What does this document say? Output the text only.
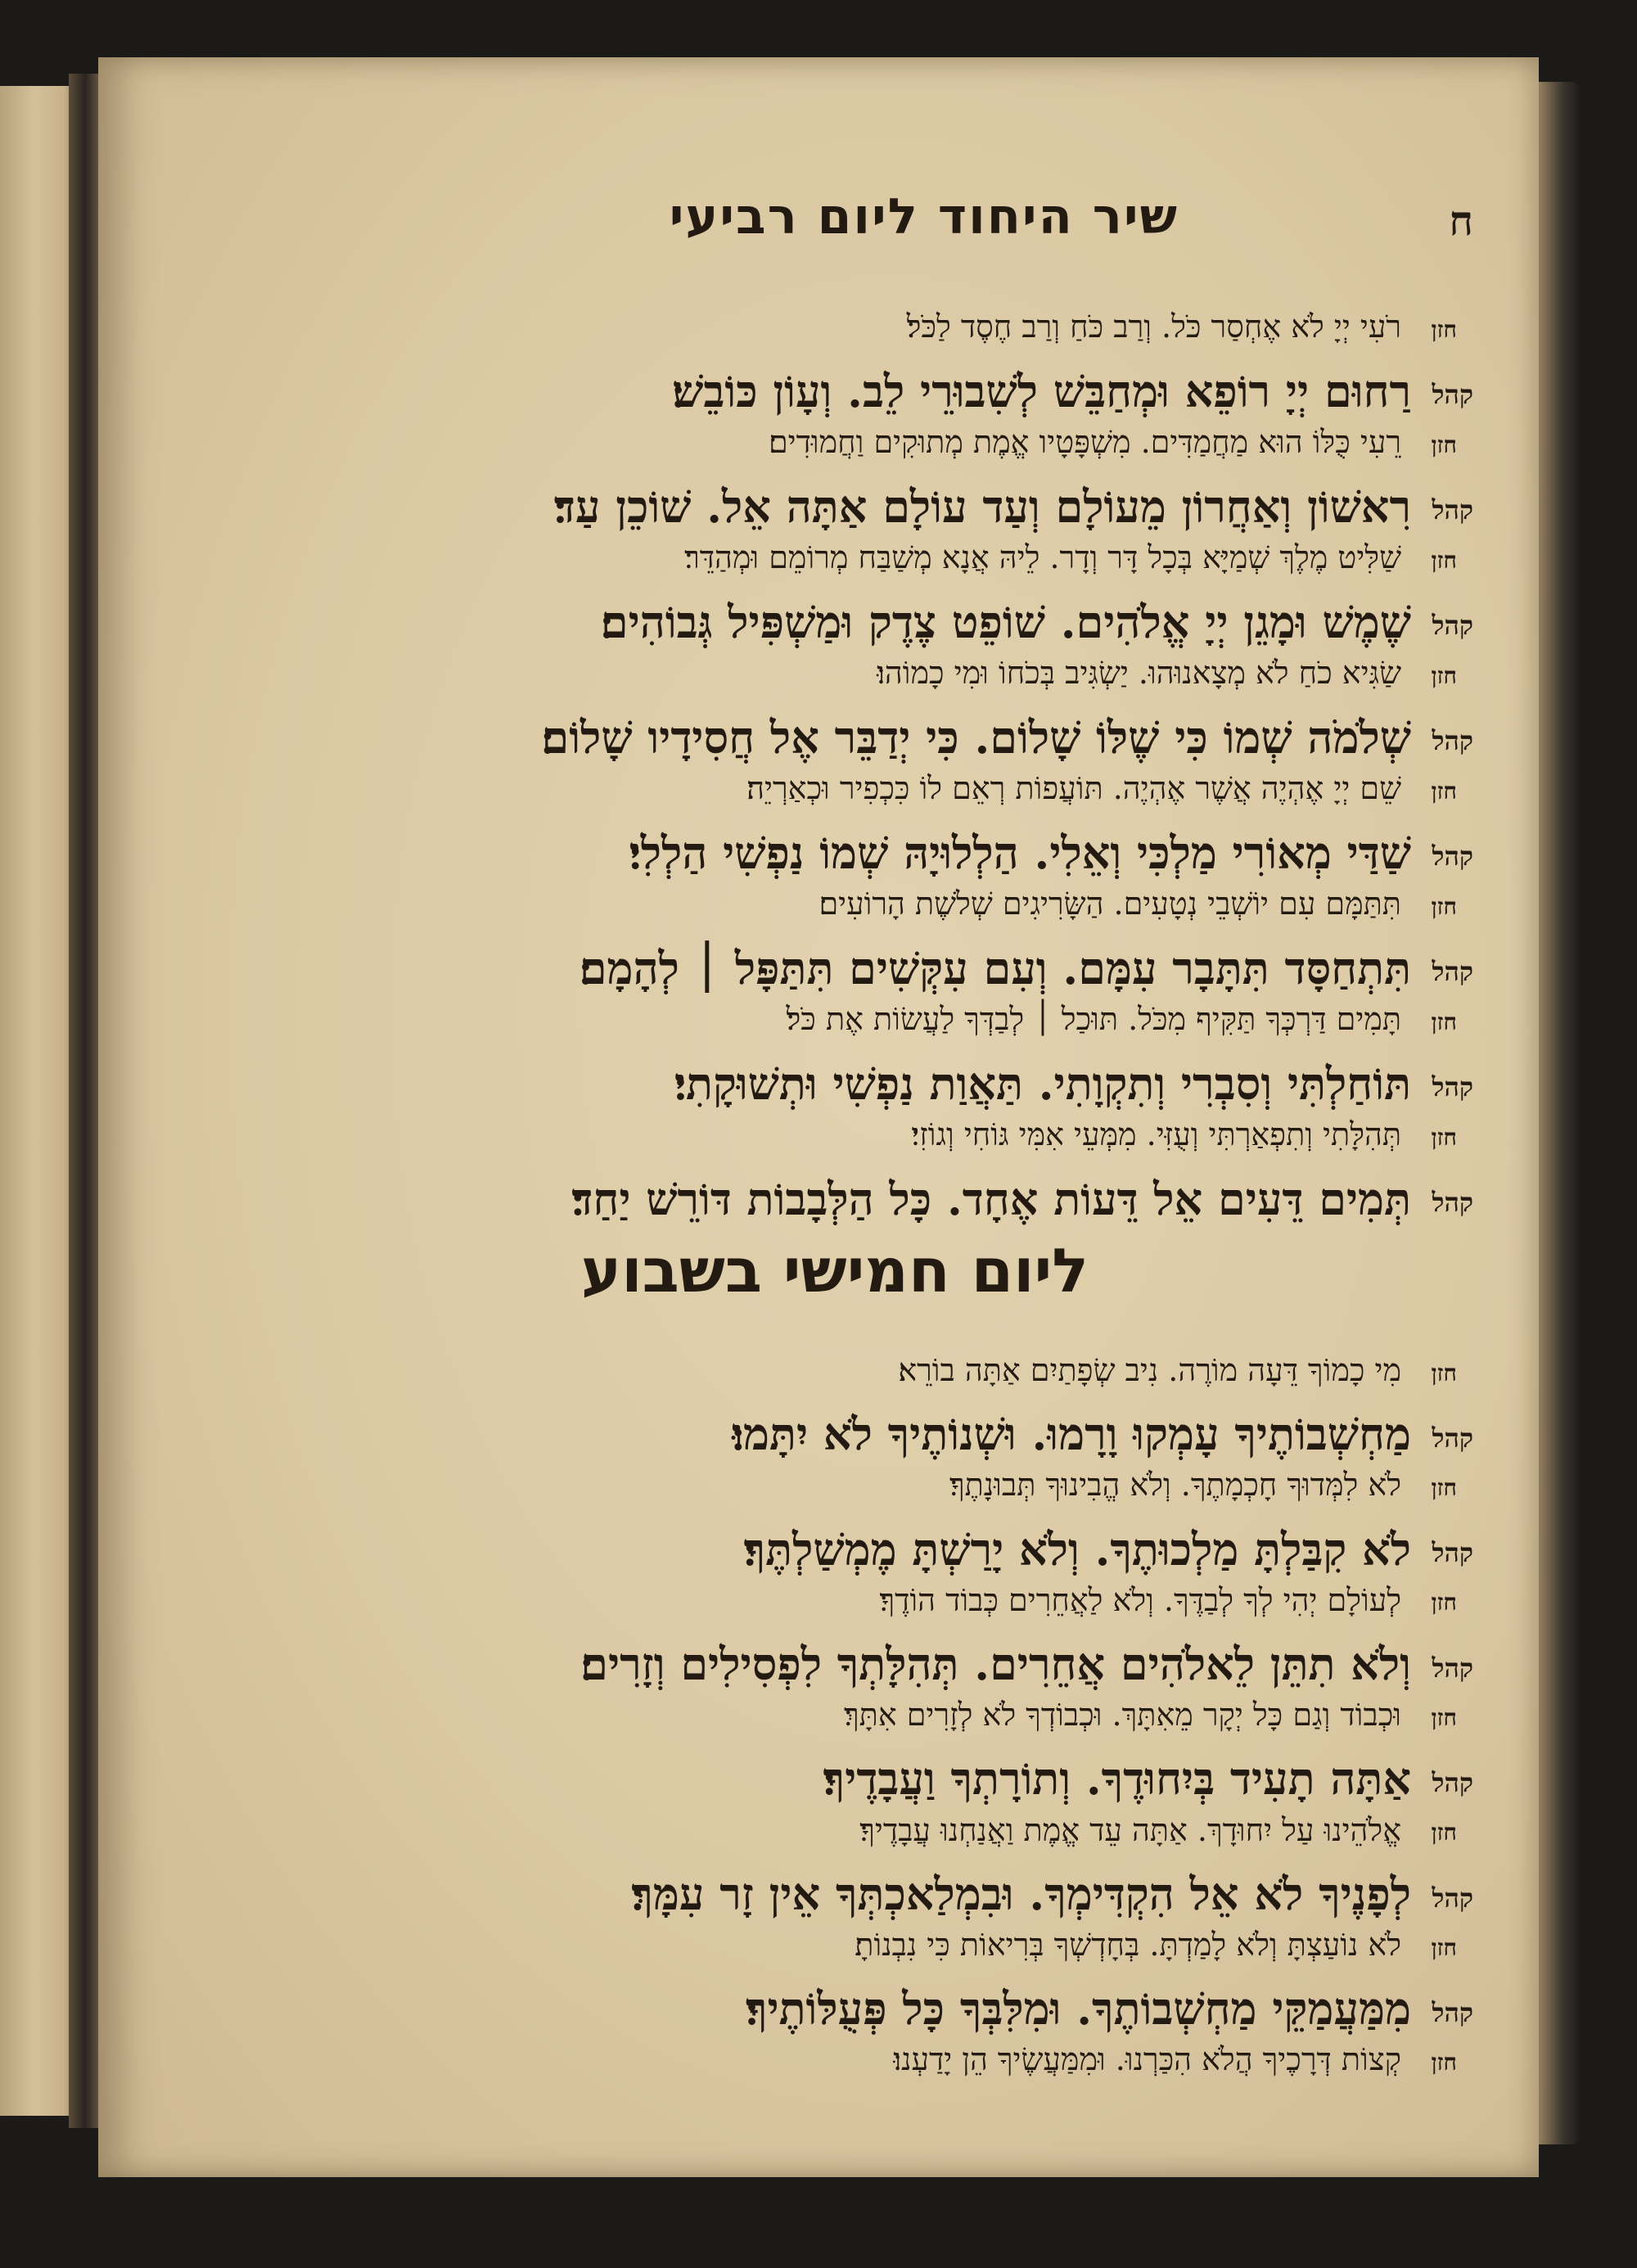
ח
שיר היחוד ליום רביעי
חזןרֹעִי יְיָ לֹא אֶחְסַר כֹּל. וְרַב כֹּחַ וְרַב חֶסֶד לַכֹּל׃
קהלרַחוּם יְיָ רוֹפֵא וּמְחַבֵּשׁ לְשִׁבוּרֵי לֵב. וְעָוֹן כּוֹבֵשׁ׃
חזןרֵעִי כֻּלּוֹ הוּא מַחֲמַדִּים. מִשְׁפָּטָיו אֱמֶת מְתוּקִים וַחֲמוּדִים׃
קהלרִאשׁוֹן וְאַחֲרוֹן מֵעוֹלָם וְעַד עוֹלָם אַתָּה אֵל. שׁוֹכֵן עַד׃
חזןשַׁלִּיט מֶלֶךְ שְׁמַיָּא בְּכָל דָּר וְדָר. לֵיהּ אֲנָא מְשַׁבַּח מְרוֹמֵם וּמְהַדֵּר׃
קהלשֶׁמֶשׁ וּמָגֵן יְיָ אֱלֹהִים. שׁוֹפֵט צֶדֶק וּמַשְׁפִּיל גְּבוֹהִים׃
חזןשַׂגִּיא כֹחַ לֹא מְצָאנוּהוּ. יַשְׂגִּיב בְּכֹחוֹ וּמִי כָמוֹהוּ׃
קהלשְׁלֹמֹה שְׁמוֹ כִּי שֶׁלּוֹ שָׁלוֹם. כִּי יְדַבֵּר אֶל חֲסִידָיו שָׁלוֹם׃
חזןשֵׁם יְיָ אֶהְיֶה אֲשֶׁר אֶהְיֶה. תּוֹעֲפוֹת רְאֵם לוֹ כִּכְפִיר וּכְאַרְיֵה׃
קהלשַׁדַּי מְאוֹרִי מַלְכִּי וְאֵלִי. הַלְלוּיָהּ שְׁמוֹ נַפְשִׁי הַלְלִי׃
חזןתִּתַּמָּם עִם יוֹשְׁבֵי נְטָעִים. הַשָּׂרִיגִים שְׁלֹשֶׁת הָרוֹעִים׃
קהלתִּתְחַסָּד תִּתָּבָר עִמָּם. וְעִם עִקְּשִׁים תִּתַּפָּל ׀ לְהָמָם׃
חזןתָּמִים דַּרְכְּךָ תַּקִּיף מִכֹּל. תּוּכַל ׀ לְבַדְּךָ לַעֲשׂוֹת אֶת כֹּל׃
קהלתּוֹחַלְתִּי וְסִבְרִי וְתִקְוָתִי. תַּאֲוַת נַפְשִׁי וּתְשׁוּקָתִי׃
חזןתְּהִלָּתִי וְתִפְאַרְתִּי וְעֻזִּי. מִמְּעֵי אִמִּי גּוֹחִי וְגוֹזִי׃
קהלתְּמִים דֵּעִים אֵל דֵּעוֹת אֶחָד. כָּל הַלְּבָבוֹת דּוֹרֵשׁ יַחַד׃
ליום חמישי בשבוע
חזןמִי כָמוֹךָ דֵּעָה מוֹרֶה. נִיב שְׂפָתַיִם אַתָּה בוֹרֵא׃
קהלמַחְשְׁבוֹתֶיךָ עָמְקוּ וָרָמוּ. וּשְׁנוֹתֶיךָ לֹא יִתָּמוּ׃
חזןלֹא לִמְּדוּךָ חָכְמָתֶךָ. וְלֹא הֱבִינוּךָ תְּבוּנָתֶךָ׃
קהללֹא קִבַּלְתָּ מַלְכוּתֶךָ. וְלֹא יָרַשְׁתָּ מֶמְשַׁלְתֶּךָ׃
חזןלְעוֹלָם יְהִי לְךָ לְבַדֶּךָ. וְלֹא לַאֲחֵרִים כְּבוֹד הוֹדֶךָ׃
קהלוְלֹא תִתֵּן לֵאלֹהִים אֲחֵרִים. תְּהִלָּתְךָ לִפְסִילִים וְזָרִים׃
חזןוּכְבוֹד וְגַם כָּל יְקָר מֵאִתָּךְ. וּכְבוֹדְךָ לֹא לְזָרִים אִתָּךְ׃
קהלאַתָּה תָעִיד בְּיִחוּדֶךָ. וְתוֹרָתְךָ וַעֲבָדֶיךָ׃
חזןאֱלֹהֵינוּ עַל יִחוּדָךְ. אַתָּה עֵד אֱמֶת וַאֲנַחְנוּ עֲבָדֶיךָ׃
קהללְפָנֶיךָ לֹא אֵל הִקְדִּימְךָ. וּבִמְלַאכְתְּךָ אֵין זָר עִמָּךְ׃
חזןלֹא נוֹעַצְתָּ וְלֹא לָמַדְתָּ. בְּחָדְשְׁךָ בְּרִיאוֹת כִּי נִבְנוֹתָ׃
קהלמִמַּעֲמַקֵּי מַחְשְׁבוֹתֶךָ. וּמִלִּבְּךָ כָּל פְּעֻלּוֹתֶיךָ׃
חזןקְצוֹת דְּרָכֶיךָ הֲלֹא הִכַּרְנוּ. וּמִמַּעֲשֶׂיךָ הֵן יָדַעְנוּ׃
